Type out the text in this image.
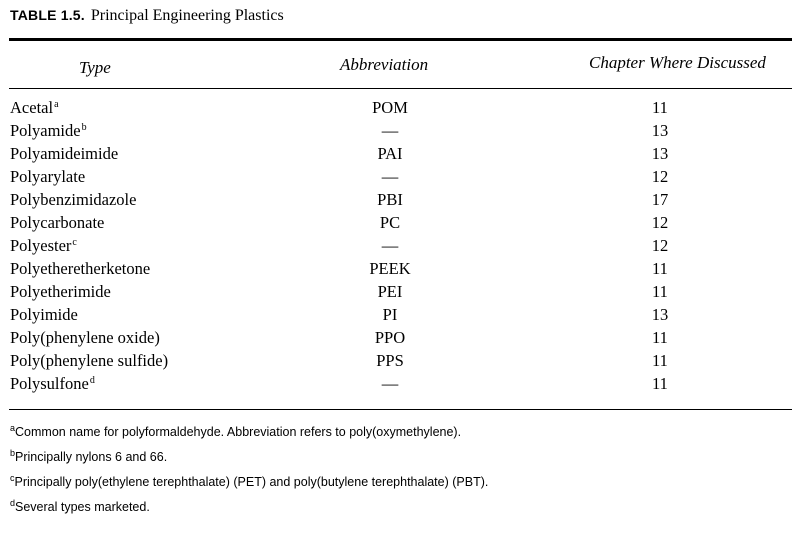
TABLE 1.5. Principal Engineering Plastics
Type	Abbreviation	Chapter Where Discussed
Acetal$^a$	POM	11
Polyamide$^b$	—	13
Polyamideimide	PAI	13
Polyarylate	—	12
Polybenzimidazole	PBI	17
Polycarbonate	PC	12
Polyester$^c$	—	12
Polyetheretherketone	PEEK	11
Polyetherimide	PEI	11
Polyimide	PI	13
Poly(phenylene oxide)	PPO	11
Poly(phenylene sulfide)	PPS	11
Polysulfone$^d$	—	11
$^a$Common name for polyformaldehyde. Abbreviation refers to poly(oxymethylene).
$^b$Principally nylons 6 and 66.
$^c$Principally poly(ethylene terephthalate) (PET) and poly(butylene terephthalate) (PBT).
$^d$Several types marketed.
